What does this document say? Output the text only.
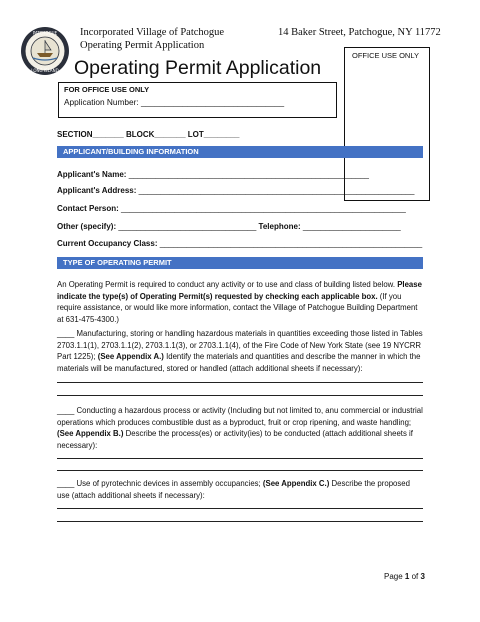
PATCHOGUE
LONG ISLAND
Incorporated Village of Patchogue
Operating Permit Application
14 Baker Street, Patchogue, NY 11772
Operating Permit Application
OFFICE USE ONLY
FOR OFFICE USE ONLY
Application Number: _______________________________
SECTION_______ BLOCK_______ LOT________
APPLICANT/BUILDING INFORMATION
Applicant's Name: ______________________________________________________
Applicant's Address: ______________________________________________________________
Contact Person: ________________________________________________________________
Other (specify): _______________________________ Telephone: ______________________
Current Occupancy Class: ___________________________________________________________
TYPE OF OPERATING PERMIT
An Operating Permit is required to conduct any activity or to use and class of building listed below. Please indicate the type(s) of Operating Permit(s) requested by checking each applicable box. (If you require assistance, or would like more information, contact the Village of Patchogue Building Department at 631-475-4300.)
____ Manufacturing, storing or handling hazardous materials in quantities exceeding those listed in Tables 2703.1.1(1), 2703.1.1(2), 2703.1.1(3), or 2703.1.1(4), of the Fire Code of New York State (see 19 NYCRR Part 1225); (See Appendix A.) Identify the materials and quantities and describe the manner in which the materials will be manufactured, stored or handled (attach additional sheets if necessary):
____ Conducting a hazardous process or activity (Including but not limited to, anu commercial or industrial operations which produces combustible dust as a byproduct, fruit or crop ripening, and waste handling; (See Appendix B.) Describe the process(es) or activity(ies) to be conducted (attach additional sheets if necessary):
____ Use of pyrotechnic devices in assembly occupancies; (See Appendix C.) Describe the proposed use (attach additional sheets if necessary):
Page 1 of 3
